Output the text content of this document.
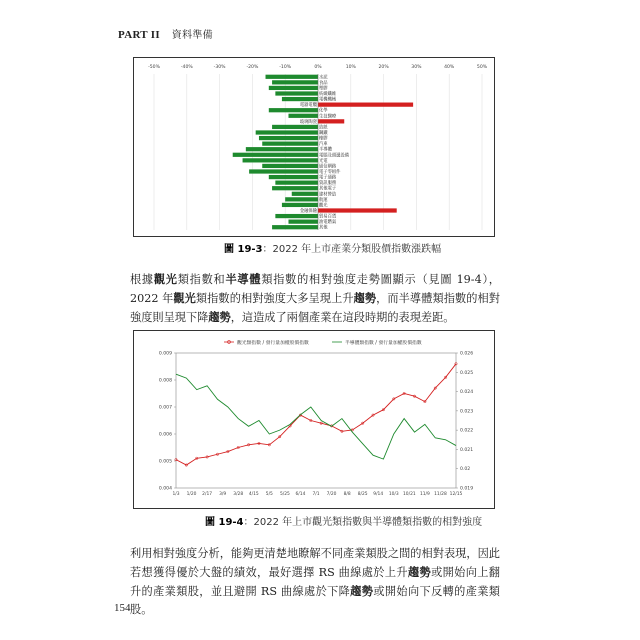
PART II 資料準備
-50%	-40%	-30%	-20%	-10%	0%	10%	20%	30%	40%	50%
水泥
食品
塑膠
紡織纖維
電機機械
電器電纜
化學
生技醫療
玻璃陶瓷
造紙
鋼鐵
橡膠
汽車
半導體
電腦及週邊設備
光電
通信網路
電子零組件
電子通路
資訊服務
其他電子
建材營造
航運
觀光
金融保險
貿易百貨
油電燃氣
其他
圖 19-3：2022 年上市產業分類股價指數漲跌幅
根據觀光類指數和半導體類指數的相對強度走勢圖顯示（見圖 19-4），2022 年觀光類指數的相對強度大多呈現上升趨勢，而半導體類指數的相對強度則呈現下降趨勢，這造成了兩個產業在這段時期的表現差距。
0.009
0.008
0.007
0.006
0.005
0.004
0.026
0.025
0.024
0.023
0.022
0.021
0.02
0.019
1/3 1/20 2/17 3/9 3/28 4/15 5/5 5/25 6/14 7/1 7/20 8/8 8/25 9/14 10/3 10/21 11/9 11/28 12/15
觀光類指數 / 發行量加權股價指數	半導體類指數 / 發行量加權股價指數
圖 19-4：2022 年上市觀光類指數與半導體類指數的相對強度
利用相對強度分析，能夠更清楚地瞭解不同產業類股之間的相對表現，因此若想獲得優於大盤的績效，最好選擇 RS 曲線處於上升趨勢或開始向上翻升的產業類股，並且避開 RS 曲線處於下降趨勢或開始向下反轉的產業類股。
154
